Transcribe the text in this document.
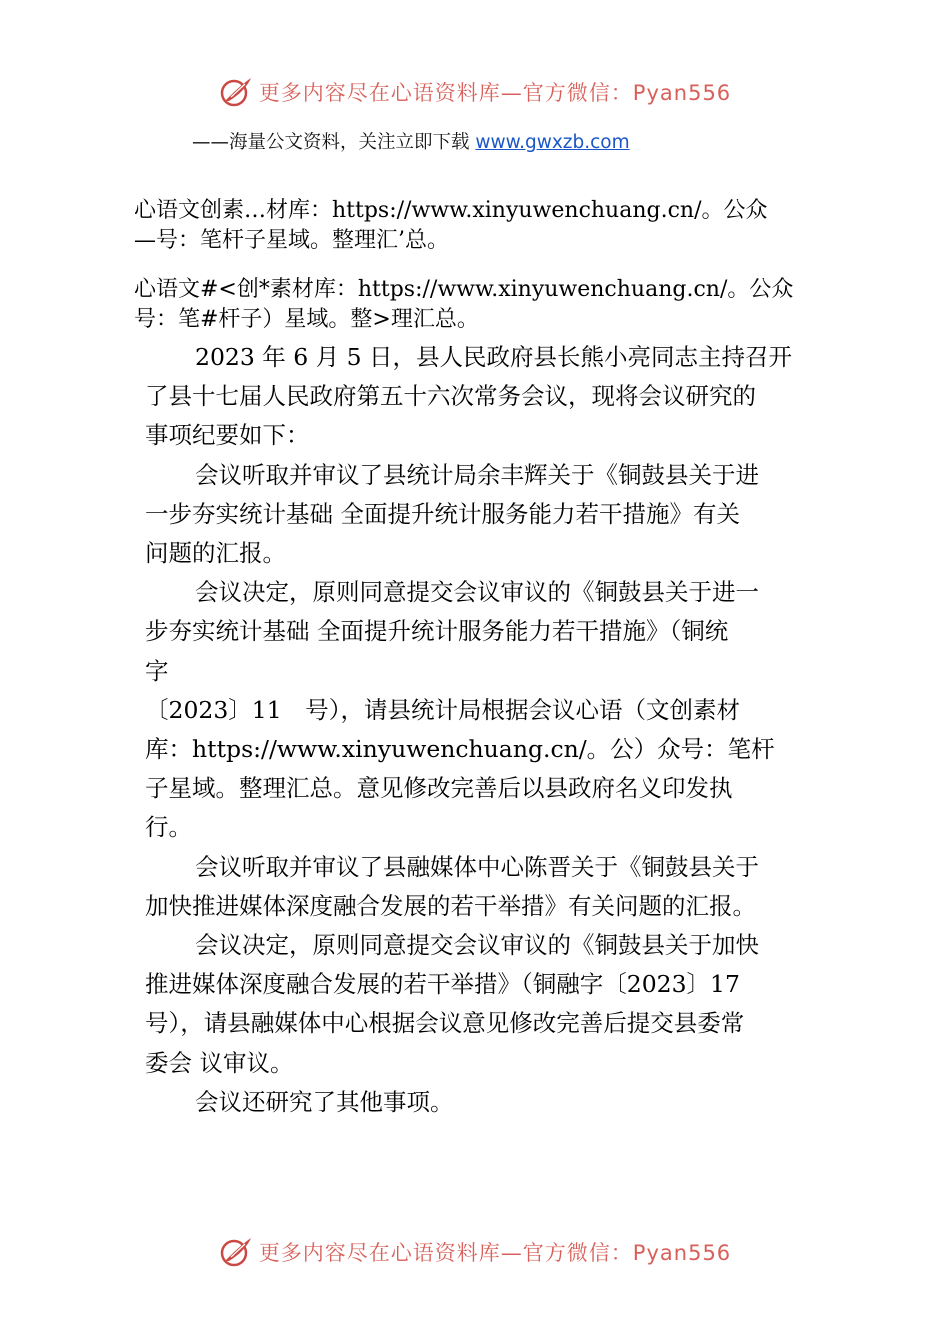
更多内容尽在心语资料库—官方微信：Pyan556
——海量公文资料，关注立即下载 www.gwxzb.com
心语文创素…材库：https://www.xinyuwenchuang.cn/。公众
—号：笔杆子星域。整理汇’总。
心语文#<创*素材库：https://www.xinyuwenchuang.cn/。公众
号：笔#杆子）星域。整>理汇总。

2023 年 6 月 5 日，县人民政府县长熊小亮同志主持召开

了县十七届人民政府第五十六次常务会议，现将会议研究的

事项纪要如下：

会议听取并审议了县统计局余丰辉关于《铜鼓县关于进

一步夯实统计基础 全面提升统计服务能力若干措施》有关

问题的汇报。

会议决定，原则同意提交会议审议的《铜鼓县关于进一

步夯实统计基础 全面提升统计服务能力若干措施》（铜统

字

〔2023〕11　号），请县统计局根据会议心语（文创素材

库：https://www.xinyuwenchuang.cn/。公）众号：笔杆

子星域。整理汇总。意见修改完善后以县政府名义印发执

行。

会议听取并审议了县融媒体中心陈晋关于《铜鼓县关于

加快推进媒体深度融合发展的若干举措》有关问题的汇报。

会议决定，原则同意提交会议审议的《铜鼓县关于加快

推进媒体深度融合发展的若干举措》（铜融字〔2023〕17

号），请县融媒体中心根据会议意见修改完善后提交县委常

委会 议审议。

会议还研究了其他事项。

更多内容尽在心语资料库—官方微信：Pyan556
